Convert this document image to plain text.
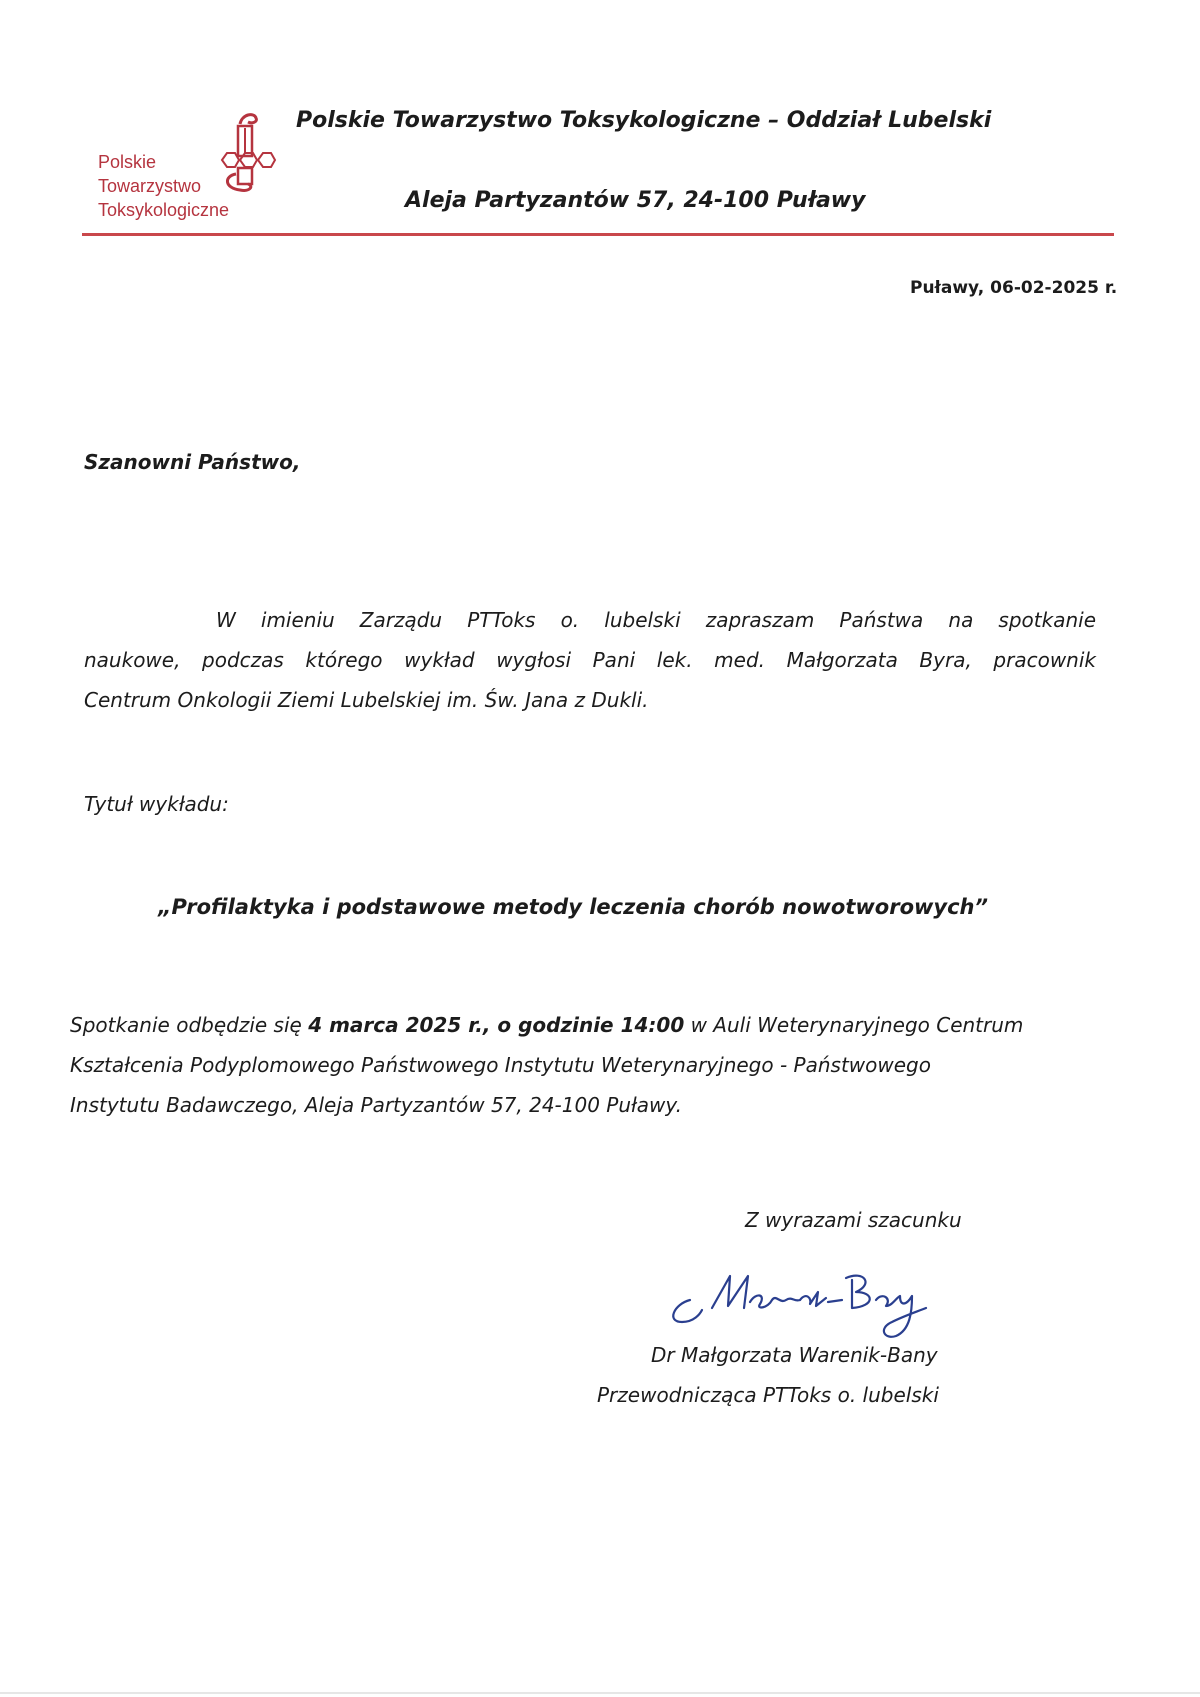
Polskie
Towarzystwo
Toksykologiczne
Polskie Towarzystwo Toksykologiczne – Oddział Lubelski
Aleja Partyzantów 57, 24-100 Puławy
Puławy, 06-02-2025 r.
Szanowni Państwo,
W imieniu Zarządu PTToks o. lubelski zapraszam Państwa na spotkanie
naukowe, podczas którego wykład wygłosi Pani lek. med. Małgorzata Byra, pracownik
Centrum Onkologii Ziemi Lubelskiej im. Św. Jana z Dukli.
Tytuł wykładu:
„Profilaktyka i podstawowe metody leczenia chorób nowotworowych”
Spotkanie odbędzie się 4 marca 2025 r., o godzinie 14:00 w Auli Weterynaryjnego Centrum
Kształcenia Podyplomowego Państwowego Instytutu Weterynaryjnego - Państwowego
Instytutu Badawczego, Aleja Partyzantów 57, 24-100 Puławy.
Z wyrazami szacunku
Dr Małgorzata Warenik-Bany
Przewodnicząca PTToks o. lubelski
